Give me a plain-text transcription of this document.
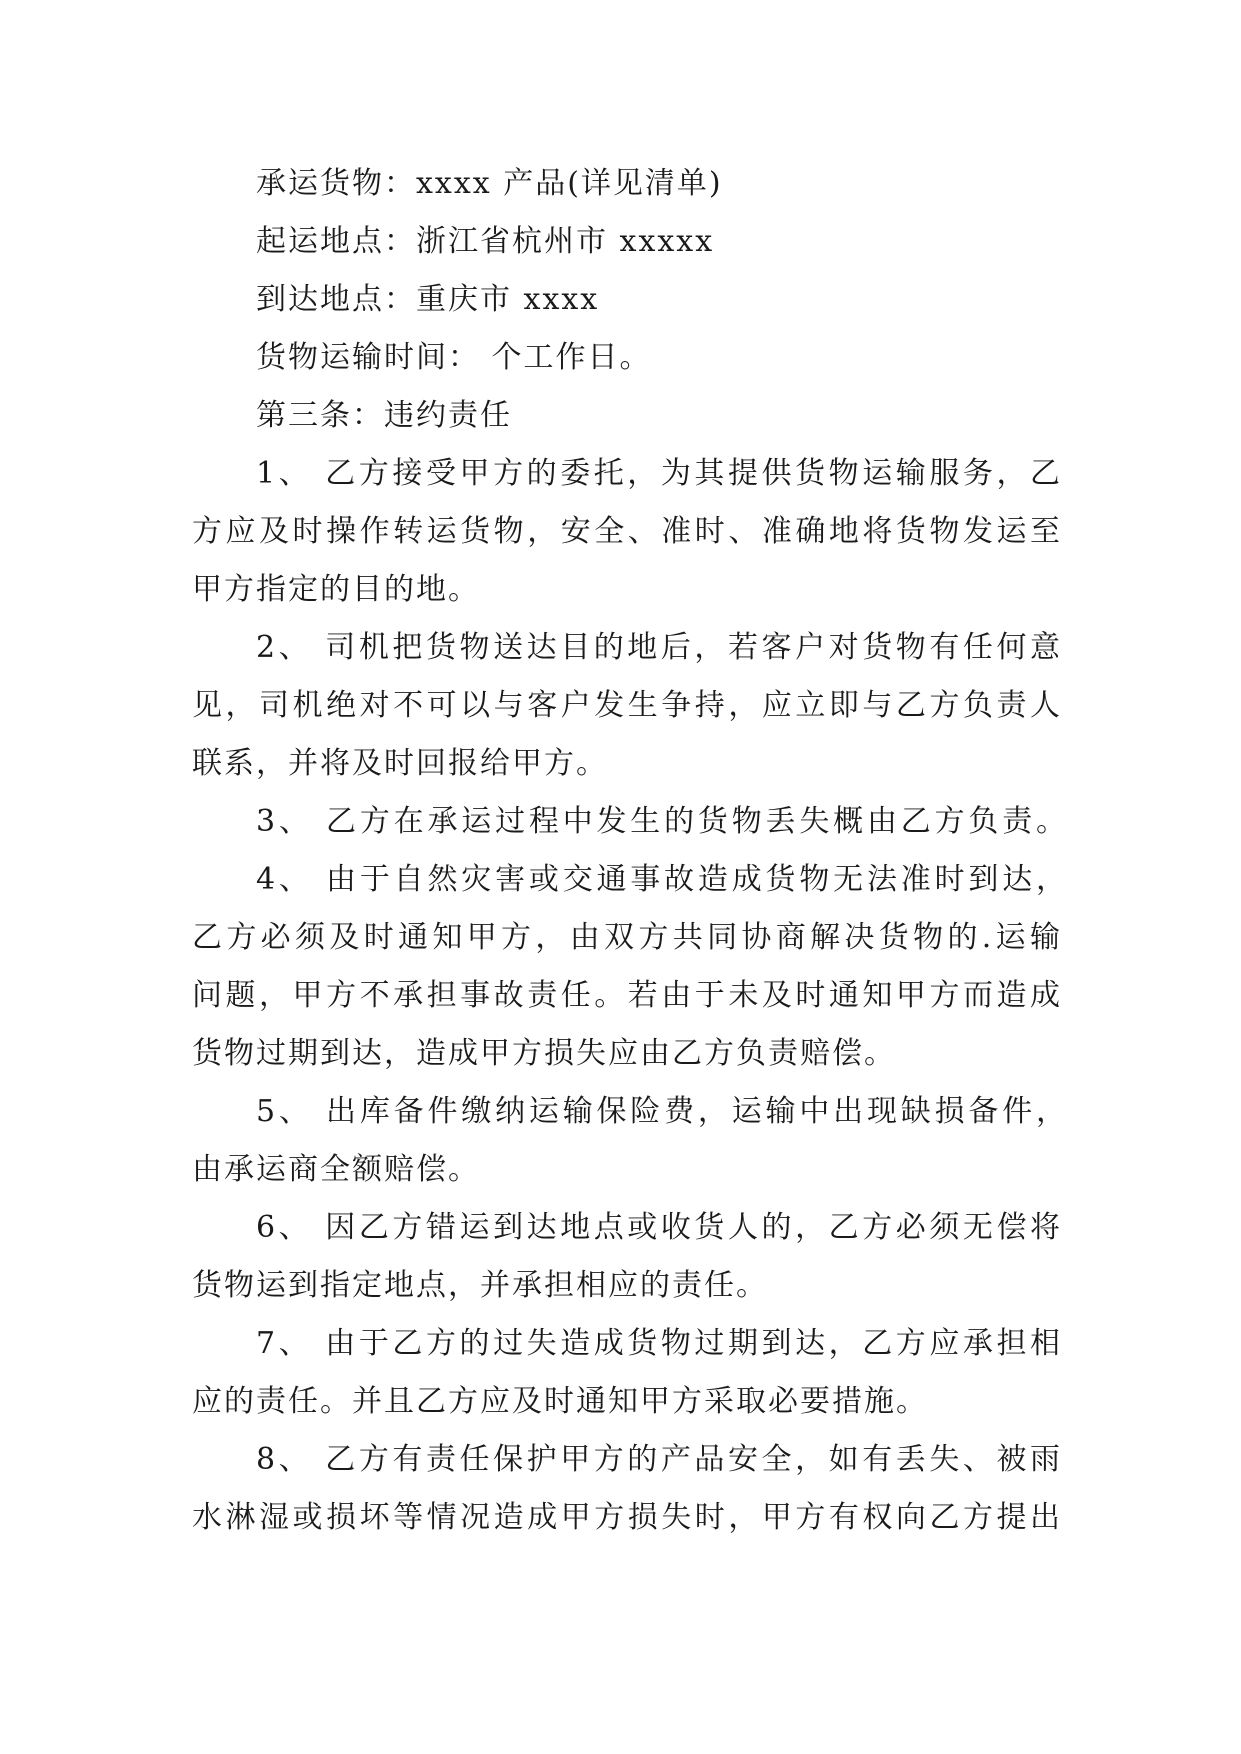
承运货物：xxxx 产品(详见清单)
起运地点：浙江省杭州市 xxxxx
到达地点：重庆市 xxxx
货物运输时间： 个工作日。
第三条：违约责任
1、 乙方接受甲方的委托，为其提供货物运输服务，乙
方应及时操作转运货物，安全、准时、准确地将货物发运至
甲方指定的目的地。
2、 司机把货物送达目的地后，若客户对货物有任何意
见，司机绝对不可以与客户发生争持，应立即与乙方负责人
联系，并将及时回报给甲方。
3、 乙方在承运过程中发生的货物丢失概由乙方负责。
4、 由于自然灾害或交通事故造成货物无法准时到达，
乙方必须及时通知甲方，由双方共同协商解决货物的.运输
问题，甲方不承担事故责任。若由于未及时通知甲方而造成
货物过期到达，造成甲方损失应由乙方负责赔偿。
5、 出库备件缴纳运输保险费，运输中出现缺损备件，
由承运商全额赔偿。
6、 因乙方错运到达地点或收货人的，乙方必须无偿将
货物运到指定地点，并承担相应的责任。
7、 由于乙方的过失造成货物过期到达，乙方应承担相
应的责任。并且乙方应及时通知甲方采取必要措施。
8、 乙方有责任保护甲方的产品安全，如有丢失、被雨
水淋湿或损坏等情况造成甲方损失时，甲方有权向乙方提出
